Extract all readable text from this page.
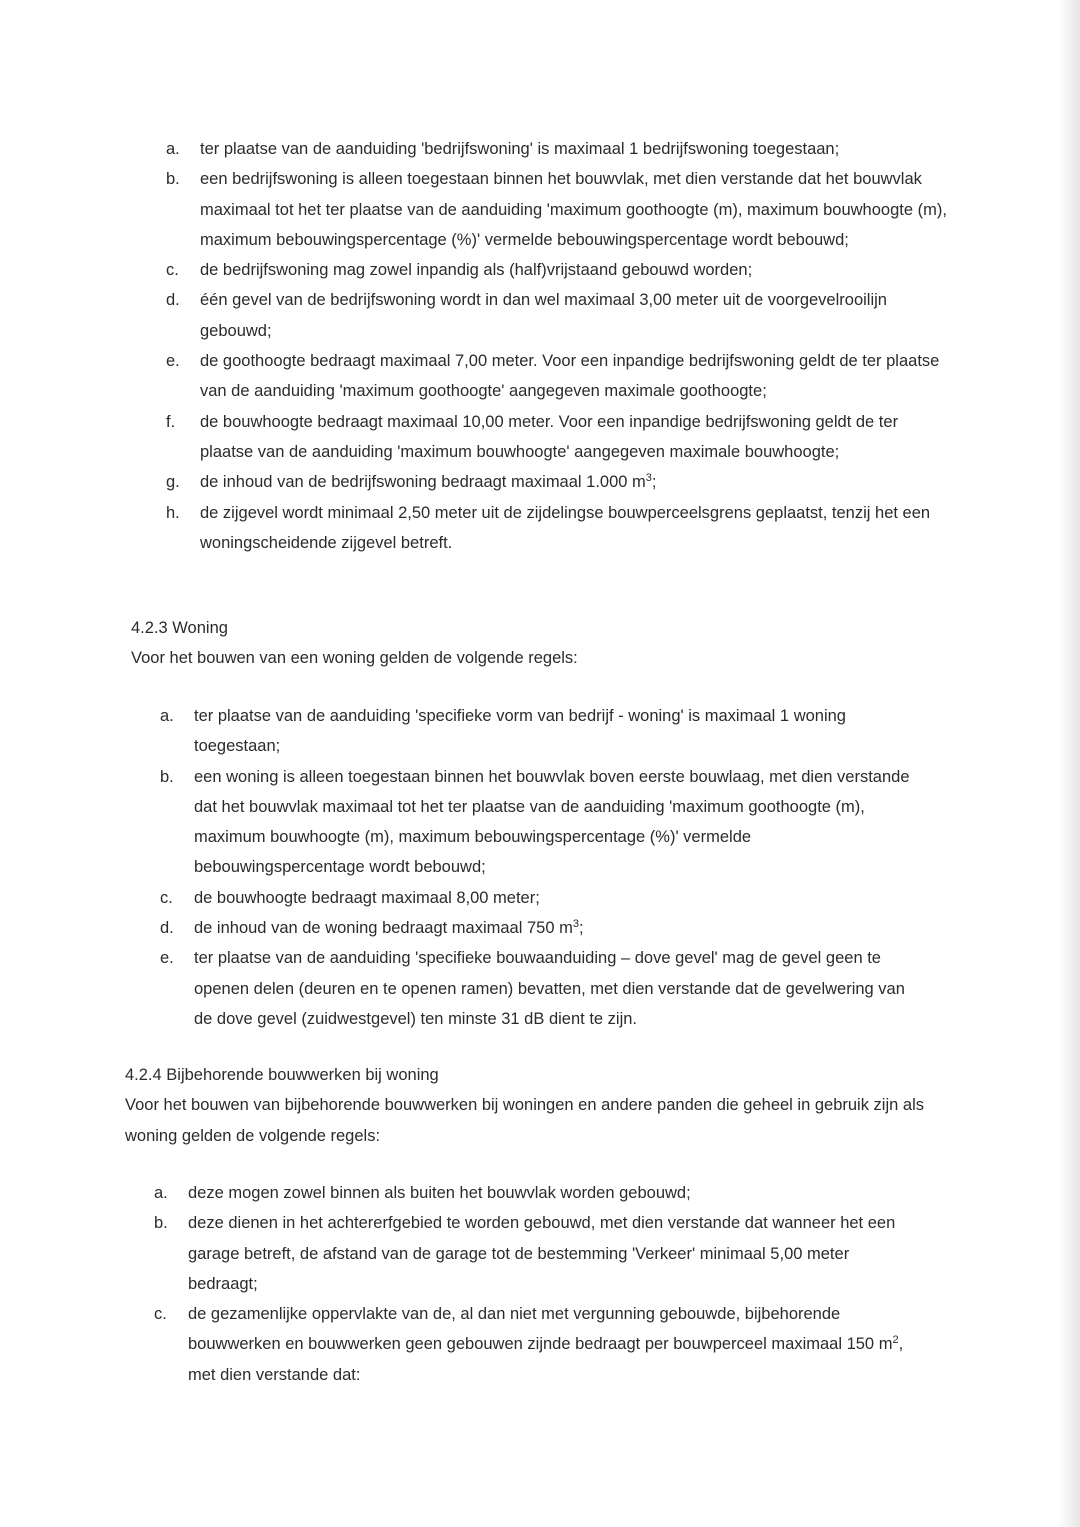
a.	ter plaatse van de aanduiding 'bedrijfswoning' is maximaal 1 bedrijfswoning toegestaan;
b.	een bedrijfswoning is alleen toegestaan binnen het bouwvlak, met dien verstande dat het bouwvlak maximaal tot het ter plaatse van de aanduiding 'maximum goothoogte (m), maximum bouwhoogte (m), maximum bebouwingspercentage (%)' vermelde bebouwingspercentage wordt bebouwd;
c.	de bedrijfswoning mag zowel inpandig als (half)vrijstaand gebouwd worden;
d.	één gevel van de bedrijfswoning wordt in dan wel maximaal 3,00 meter uit de voorgevelrooilijn gebouwd;
e.	de goothoogte bedraagt maximaal 7,00 meter. Voor een inpandige bedrijfswoning geldt de ter plaatse van de aanduiding 'maximum goothoogte' aangegeven maximale goothoogte;
f.	de bouwhoogte bedraagt maximaal 10,00 meter. Voor een inpandige bedrijfswoning geldt de ter plaatse van de aanduiding 'maximum bouwhoogte' aangegeven maximale bouwhoogte;
g.	de inhoud van de bedrijfswoning bedraagt maximaal 1.000 $m^3$;
h.	de zijgevel wordt minimaal 2,50 meter uit de zijdelingse bouwperceelsgrens geplaatst, tenzij het een woningscheidende zijgevel betreft.
4.2.3 Woning
Voor het bouwen van een woning gelden de volgende regels:
a.	ter plaatse van de aanduiding 'specifieke vorm van bedrijf - woning' is maximaal 1 woning toegestaan;
b.	een woning is alleen toegestaan binnen het bouwvlak boven eerste bouwlaag, met dien verstande dat het bouwvlak maximaal tot het ter plaatse van de aanduiding 'maximum goothoogte (m), maximum bouwhoogte (m), maximum bebouwingspercentage (%)' vermelde bebouwingspercentage wordt bebouwd;
c.	de bouwhoogte bedraagt maximaal 8,00 meter;
d.	de inhoud van de woning bedraagt maximaal 750 $m^3$;
e.	ter plaatse van de aanduiding 'specifieke bouwaanduiding – dove gevel' mag de gevel geen te openen delen (deuren en te openen ramen) bevatten, met dien verstande dat de gevelwering van de dove gevel (zuidwestgevel) ten minste 31 dB dient te zijn.
4.2.4 Bijbehorende bouwwerken bij woning
Voor het bouwen van bijbehorende bouwwerken bij woningen en andere panden die geheel in gebruik zijn als woning gelden de volgende regels:
a.	deze mogen zowel binnen als buiten het bouwvlak worden gebouwd;
b.	deze dienen in het achtererfgebied te worden gebouwd, met dien verstande dat wanneer het een garage betreft, de afstand van de garage tot de bestemming 'Verkeer' minimaal 5,00 meter bedraagt;
c.	de gezamenlijke oppervlakte van de, al dan niet met vergunning gebouwde, bijbehorende bouwwerken en bouwwerken geen gebouwen zijnde bedraagt per bouwperceel maximaal 150 $m^2$, met dien verstande dat:
